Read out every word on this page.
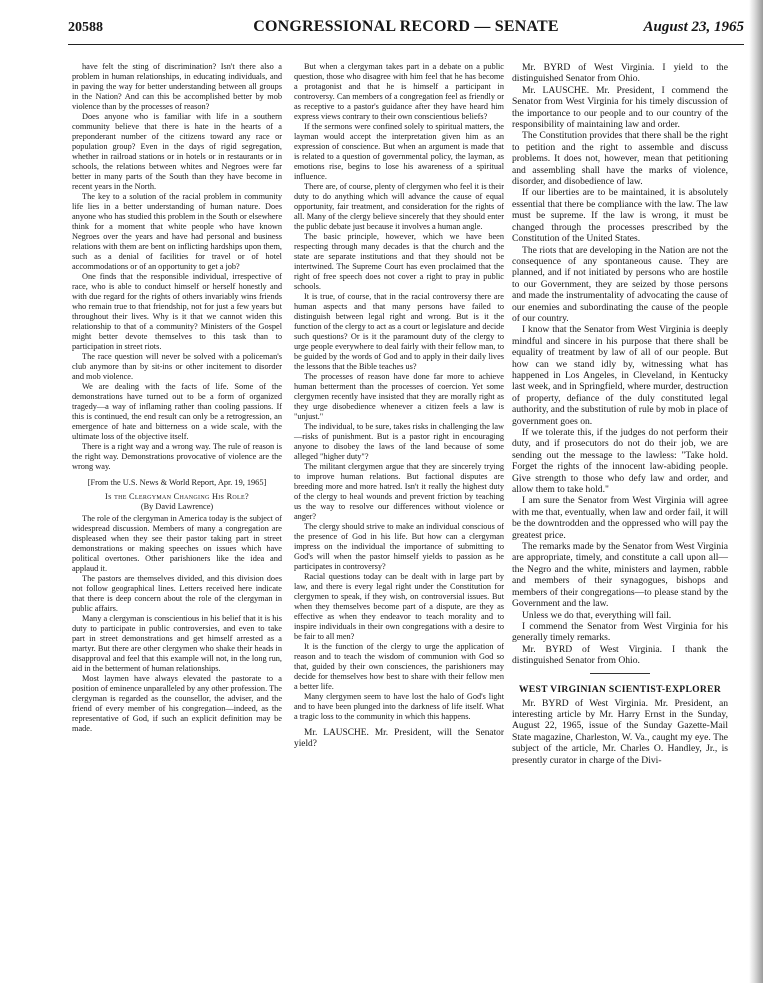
20588	CONGRESSIONAL RECORD — SENATE	August 23, 1965

have felt the sting of discrimination? Isn't there also a problem in human relationships, in educating individuals, and in paving the way for better understanding between all groups in the Nation? And can this be accomplished better by mob violence than by the processes of reason?

Does anyone who is familiar with life in a southern community believe that there is hate in the hearts of a preponderant number of the citizens toward any race or population group? Even in the days of rigid segregation, whether in railroad stations or in hotels or in restaurants or in schools, the relations between whites and Negroes were far better in many parts of the South than they have become in recent years in the North.

The key to a solution of the racial problem in community life lies in a better understanding of human nature. Does anyone who has studied this problem in the South or elsewhere think for a moment that white people who have known Negroes over the years and have had personal and business relations with them are bent on inflicting hardships upon them, such as a denial of facilities for travel or of hotel accommodations or of an opportunity to get a job?

One finds that the responsible individual, irrespective of race, who is able to conduct himself or herself honestly and with due regard for the rights of others invariably wins friends who remain true to that friendship, not for just a few years but throughout their lives. Why is it that we cannot widen this relationship to that of a community? Ministers of the Gospel might better devote themselves to this task than to participation in street riots.

The race question will never be solved with a policeman's club anymore than by sit-ins or other incitement to disorder and mob violence.

We are dealing with the facts of life. Some of the demonstrations have turned out to be a form of organized tragedy—a way of inflaming rather than cooling passions. If this is continued, the end result can only be a retrogression, an emergence of hate and bitterness on a wide scale, with the ultimate loss of the objective itself.

There is a right way and a wrong way. The rule of reason is the right way. Demonstrations provocative of violence are the wrong way.

[From the U.S. News & World Report, Apr. 19, 1965]

Is the Clergyman Changing His Role?

(By David Lawrence)

The role of the clergyman in America today is the subject of widespread discussion. Members of many a congregation are displeased when they see their pastor taking part in street demonstrations or making speeches on issues which have political overtones. Other parishioners like the idea and applaud it.

The pastors are themselves divided, and this division does not follow geographical lines. Letters received here indicate that there is deep concern about the role of the clergyman in public affairs.

Many a clergyman is conscientious in his belief that it is his duty to participate in public controversies, and even to take part in street demonstrations and get himself arrested as a martyr. But there are other clergymen who shake their heads in disapproval and feel that this example will not, in the long run, aid in the betterment of human relationships.

Most laymen have always elevated the pastorate to a position of eminence unparalleled by any other profession. The clergyman is regarded as the counsellor, the adviser, and the friend of every member of his congregation—indeed, as the representative of God, if such an explicit definition may be made.

But when a clergyman takes part in a debate on a public question, those who disagree with him feel that he has become a protagonist and that he is himself a participant in controversy. Can members of a congregation feel as friendly or as receptive to a pastor's guidance after they have heard him express views contrary to their own conscientious beliefs?

If the sermons were confined solely to spiritual matters, the layman would accept the interpretation given him as an expression of conscience. But when an argument is made that is related to a question of governmental policy, the layman, as emotions rise, begins to lose his awareness of a spiritual influence.

There are, of course, plenty of clergymen who feel it is their duty to do anything which will advance the cause of equal opportunity, fair treatment, and consideration for the rights of all. Many of the clergy believe sincerely that they should enter the public debate just because it involves a human angle.

The basic principle, however, which we have been respecting through many decades is that the church and the state are separate institutions and that they should not be intertwined. The Supreme Court has even proclaimed that the right of free speech does not cover a right to pray in public schools.

It is true, of course, that in the racial controversy there are human aspects and that many persons have failed to distinguish between legal right and wrong. But is it the function of the clergy to act as a court or legislature and decide such questions? Or is it the paramount duty of the clergy to urge people everywhere to deal fairly with their fellow man, to be guided by the words of God and to apply in their daily lives the lessons that the Bible teaches us?

The processes of reason have done far more to achieve human betterment than the processes of coercion. Yet some clergymen recently have insisted that they are morally right as they urge disobedience whenever a citizen feels a law is "unjust."

The individual, to be sure, takes risks in challenging the law—risks of punishment. But is a pastor right in encouraging anyone to disobey the laws of the land because of some alleged "higher duty"?

The militant clergymen argue that they are sincerely trying to improve human relations. But factional disputes are breeding more and more hatred. Isn't it really the highest duty of the clergy to heal wounds and prevent friction by teaching us the way to resolve our differences without violence or anger?

The clergy should strive to make an individual conscious of the presence of God in his life. But how can a clergyman impress on the individual the importance of submitting to God's will when the pastor himself yields to passion as he participates in controversy?

Racial questions today can be dealt with in large part by law, and there is every legal right under the Constitution for clergymen to speak, if they wish, on controversial issues. But when they themselves become part of a dispute, are they as effective as when they endeavor to teach morality and to inspire individuals in their own congregations with a desire to be fair to all men?

It is the function of the clergy to urge the application of reason and to teach the wisdom of communion with God so that, guided by their own consciences, the parishioners may decide for themselves how best to share with their fellow men a better life.

Many clergymen seem to have lost the halo of God's light and to have been plunged into the darkness of life itself. What a tragic loss to the community in which this happens.

Mr. LAUSCHE. Mr. President, will the Senator yield?

Mr. BYRD of West Virginia. I yield to the distinguished Senator from Ohio.

Mr. LAUSCHE. Mr. President, I commend the Senator from West Virginia for his timely discussion of the importance to our people and to our country of the responsibility of maintaining law and order.

The Constitution provides that there shall be the right to petition and the right to assemble and discuss problems. It does not, however, mean that petitioning and assembling shall have the marks of violence, disorder, and disobedience of law.

If our liberties are to be maintained, it is absolutely essential that there be compliance with the law. The law must be supreme. If the law is wrong, it must be changed through the processes prescribed by the Constitution of the United States.

The riots that are developing in the Nation are not the consequence of any spontaneous cause. They are planned, and if not initiated by persons who are hostile to our Government, they are seized by those persons and made the instrumentality of advocating the cause of our enemies and subordinating the cause of the people of our country.

I know that the Senator from West Virginia is deeply mindful and sincere in his purpose that there shall be equality of treatment by law of all of our people. But how can we stand idly by, witnessing what has happened in Los Angeles, in Cleveland, in Kentucky last week, and in Springfield, where murder, destruction of property, defiance of the duly constituted legal authority, and the substitution of rule by mob in place of government goes on.

If we tolerate this, if the judges do not perform their duty, and if prosecutors do not do their job, we are sending out the message to the lawless: "Take hold. Forget the rights of the innocent law-abiding people. Give strength to those who defy law and order, and allow them to take hold."

I am sure the Senator from West Virginia will agree with me that, eventually, when law and order fail, it will be the downtrodden and the oppressed who will pay the greatest price.

The remarks made by the Senator from West Virginia are appropriate, timely, and constitute a call upon all—the Negro and the white, ministers and laymen, rabble and members of their synagogues, bishops and members of their congregations—to please stand by the Government and the law.

Unless we do that, everything will fail.

I commend the Senator from West Virginia for his generally timely remarks.

Mr. BYRD of West Virginia. I thank the distinguished Senator from Ohio.

WEST VIRGINIAN SCIENTIST-EXPLORER

Mr. BYRD of West Virginia. Mr. President, an interesting article by Mr. Harry Ernst in the Sunday, August 22, 1965, issue of the Sunday Gazette-Mail State magazine, Charleston, W. Va., caught my eye. The subject of the article, Mr. Charles O. Handley, Jr., is presently curator in charge of the Divi-
